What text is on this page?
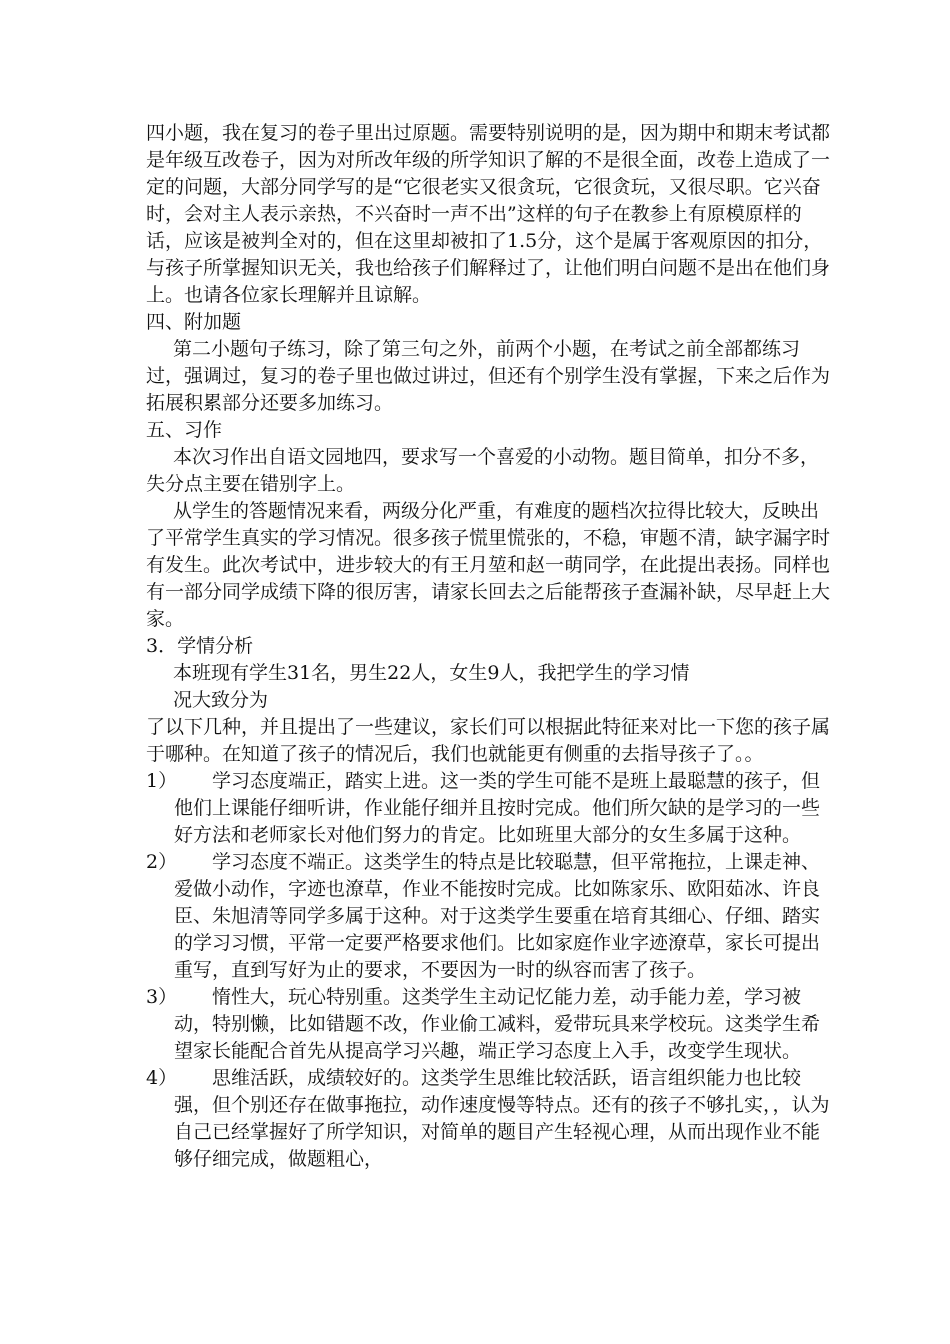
四小题，我在复习的卷子里出过原题。需要特别说明的是，因为期中和期末考试都是年级互改卷子，因为对所改年级的所学知识了解的不是很全面，改卷上造成了一定的问题，大部分同学写的是“它很老实又很贪玩，它很贪玩，又很尽职。它兴奋时，会对主人表示亲热，不兴奋时一声不出”这样的句子在教参上有原模原样的话，应该是被判全对的，但在这里却被扣了1.5分，这个是属于客观原因的扣分，与孩子所掌握知识无关，我也给孩子们解释过了，让他们明白问题不是出在他们身上。也请各位家长理解并且谅解。

四、附加题

第二小题句子练习，除了第三句之外，前两个小题，在考试之前全部都练习过，强调过，复习的卷子里也做过讲过，但还有个别学生没有掌握，下来之后作为拓展积累部分还要多加练习。

五、习作

本次习作出自语文园地四，要求写一个喜爱的小动物。题目简单，扣分不多，失分点主要在错别字上。

从学生的答题情况来看，两级分化严重，有难度的题档次拉得比较大，反映出了平常学生真实的学习情况。很多孩子慌里慌张的，不稳，审题不清，缺字漏字时有发生。此次考试中，进步较大的有王月堃和赵一萌同学，在此提出表扬。同样也有一部分同学成绩下降的很厉害，请家长回去之后能帮孩子查漏补缺，尽早赶上大家。

3．学情分析

本班现有学生31名，男生22人，女生9人，我把学生的学习情

况大致分为

了以下几种，并且提出了一些建议，家长们可以根据此特征来对比一下您的孩子属于哪种。在知道了孩子的情况后，我们也就能更有侧重的去指导孩子了。。

1）	学习态度端正，踏实上进。这一类的学生可能不是班上最聪慧的孩子，但他们上课能仔细听讲，作业能仔细并且按时完成。他们所欠缺的是学习的一些好方法和老师家长对他们努力的肯定。比如班里大部分的女生多属于这种。
2）	学习态度不端正。这类学生的特点是比较聪慧，但平常拖拉，上课走神、爱做小动作，字迹也潦草，作业不能按时完成。比如陈家乐、欧阳茹冰、许良臣、朱旭清等同学多属于这种。对于这类学生要重在培育其细心、仔细、踏实的学习习惯，平常一定要严格要求他们。比如家庭作业字迹潦草，家长可提出重写，直到写好为止的要求，不要因为一时的纵容而害了孩子。
3）	惰性大，玩心特别重。这类学生主动记忆能力差，动手能力差，学习被动，特别懒，比如错题不改，作业偷工减料，爱带玩具来学校玩。这类学生希望家长能配合首先从提高学习兴趣，端正学习态度上入手，改变学生现状。
4）	思维活跃，成绩较好的。这类学生思维比较活跃，语言组织能力也比较强，但个别还存在做事拖拉，动作速度慢等特点。还有的孩子不够扎实，，认为自己已经掌握好了所学知识，对简单的题目产生轻视心理，从而出现作业不能够仔细完成，做题粗心，
